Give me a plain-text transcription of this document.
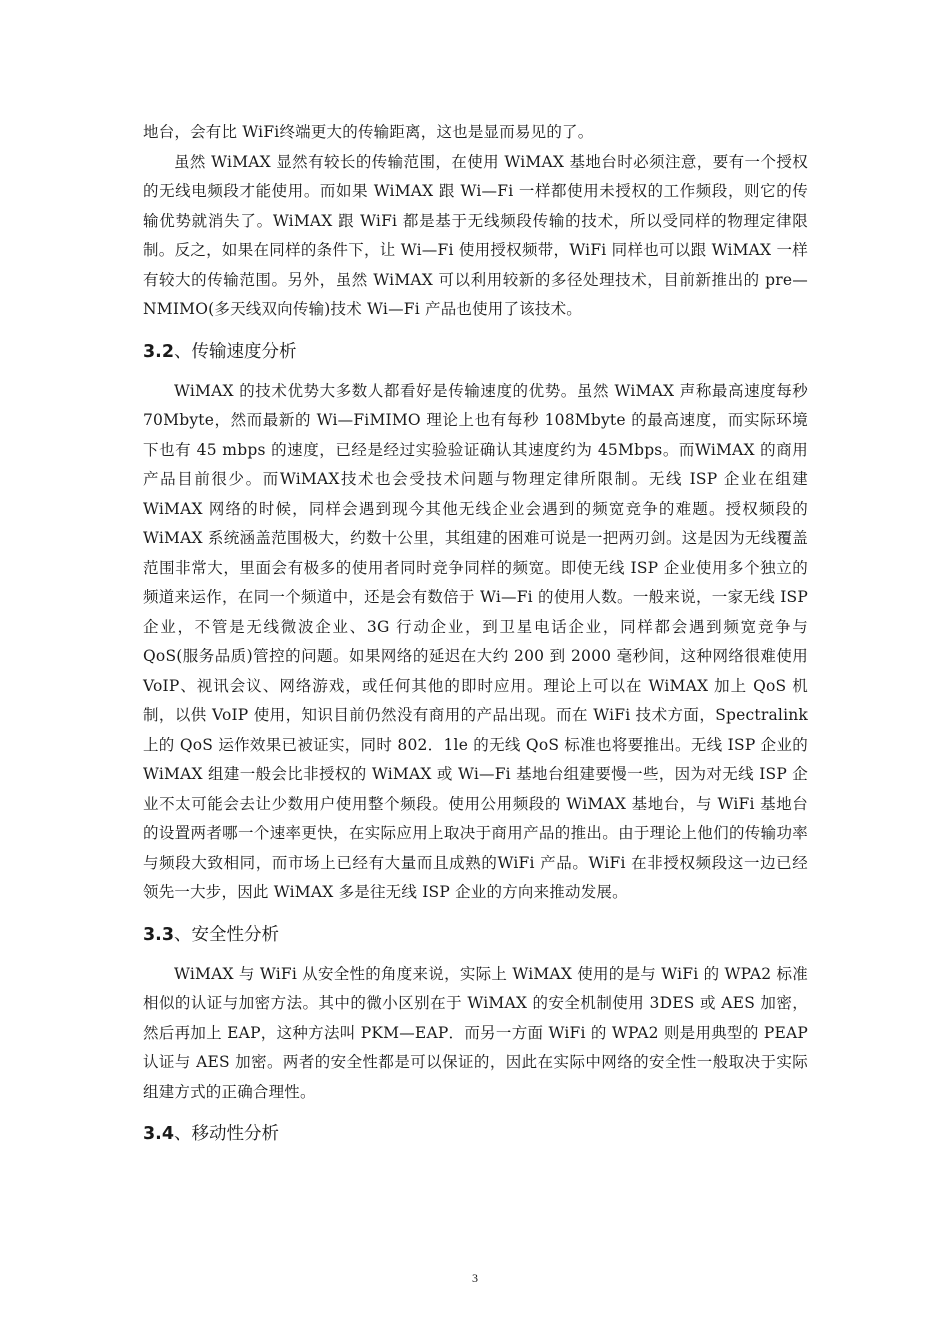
地台，会有比 WiFi终端更大的传输距离，这也是显而易见的了。

虽然 WiMAX 显然有较长的传输范围，在使用 WiMAX 基地台时必须注意，要有一个授权的无线电频段才能使用。而如果 WiMAX 跟 Wi—Fi 一样都使用未授权的工作频段，则它的传输优势就消失了。WiMAX 跟 WiFi 都是基于无线频段传输的技术，所以受同样的物理定律限制。反之，如果在同样的条件下，让 Wi—Fi 使用授权频带，WiFi 同样也可以跟 WiMAX 一样有较大的传输范围。另外，虽然 WiMAX 可以利用较新的多径处理技术，目前新推出的 pre—NMIMO(多天线双向传输)技术 Wi—Fi 产品也使用了该技术。

3.2、传输速度分析

WiMAX 的技术优势大多数人都看好是传输速度的优势。虽然 WiMAX 声称最高速度每秒 70Mbyte，然而最新的 Wi—FiMIMO 理论上也有每秒 108Mbyte 的最高速度，而实际环境下也有 45 mbps 的速度，已经是经过实验验证确认其速度约为 45Mbps。而WiMAX 的商用产品目前很少。而WiMAX技术也会受技术问题与物理定律所限制。无线 ISP 企业在组建 WiMAX 网络的时候，同样会遇到现今其他无线企业会遇到的频宽竞争的难题。授权频段的 WiMAX 系统涵盖范围极大，约数十公里，其组建的困难可说是一把两刃剑。这是因为无线覆盖范围非常大，里面会有极多的使用者同时竞争同样的频宽。即使无线 ISP 企业使用多个独立的频道来运作，在同一个频道中，还是会有数倍于 Wi—Fi 的使用人数。一般来说，一家无线 ISP 企业，不管是无线微波企业、3G 行动企业，到卫星电话企业，同样都会遇到频宽竞争与 QoS(服务品质)管控的问题。如果网络的延迟在大约 200 到 2000 毫秒间，这种网络很难使用 VoIP、视讯会议、网络游戏，或任何其他的即时应用。理论上可以在 WiMAX 加上 QoS 机制，以供 VoIP 使用，知识目前仍然没有商用的产品出现。而在 WiFi 技术方面，Spectralink 上的 QoS 运作效果已被证实，同时 802．1le 的无线 QoS 标准也将要推出。无线 ISP 企业的 WiMAX 组建一般会比非授权的 WiMAX 或 Wi—Fi 基地台组建要慢一些，因为对无线 ISP 企业不太可能会去让少数用户使用整个频段。使用公用频段的 WiMAX 基地台，与 WiFi 基地台的设置两者哪一个速率更快，在实际应用上取决于商用产品的推出。由于理论上他们的传输功率与频段大致相同，而市场上已经有大量而且成熟的WiFi 产品。WiFi 在非授权频段这一边已经领先一大步，因此 WiMAX 多是往无线 ISP 企业的方向来推动发展。

3.3、安全性分析

WiMAX 与 WiFi 从安全性的角度来说，实际上 WiMAX 使用的是与 WiFi 的 WPA2 标准相似的认证与加密方法。其中的微小区别在于 WiMAX 的安全机制使用 3DES 或 AES 加密，然后再加上 EAP，这种方法叫 PKM—EAP．而另一方面 WiFi 的 WPA2 则是用典型的 PEAP 认证与 AES 加密。两者的安全性都是可以保证的，因此在实际中网络的安全性一般取决于实际组建方式的正确合理性。

3.4、移动性分析
3
